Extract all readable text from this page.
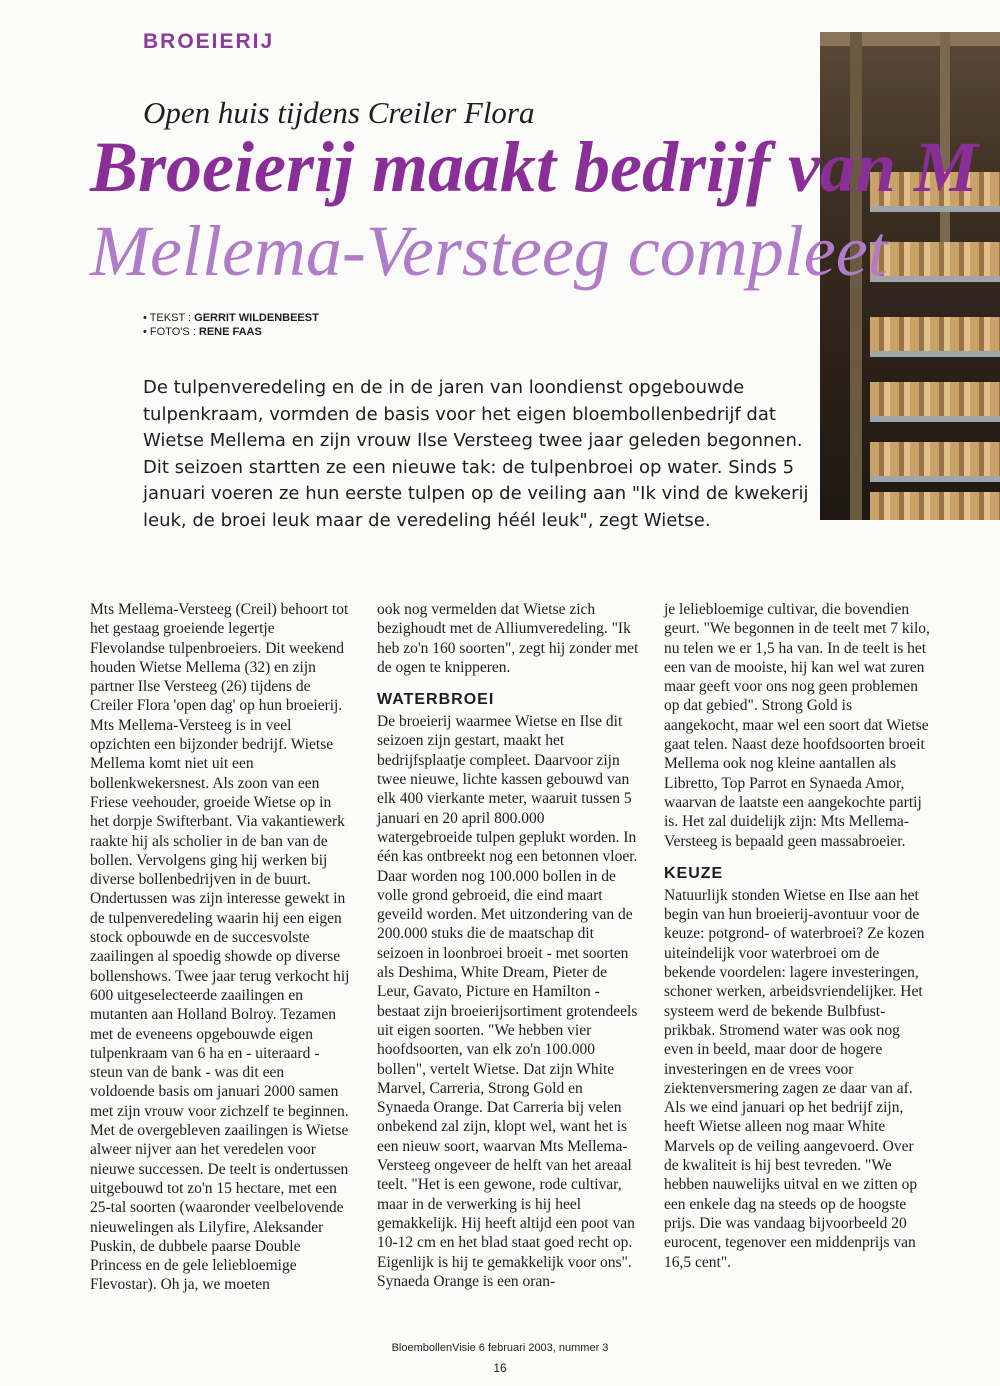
BROEIERIJ
Open huis tijdens Creiler Flora
Broeierij maakt bedrijf van M
Mellema-Versteeg compleet
• TEKST : GERRIT WILDENBEEST
• FOTO'S : RENE FAAS

De tulpenveredeling en de in de jaren van loondienst opgebouwde tulpenkraam, vormden de basis voor het eigen bloembollenbedrijf dat Wietse Mellema en zijn vrouw Ilse Versteeg twee jaar geleden begonnen. Dit seizoen startten ze een nieuwe tak: de tulpenbroei op water. Sinds 5 januari voeren ze hun eerste tulpen op de veiling aan "Ik vind de kwekerij leuk, de broei leuk maar de veredeling héél leuk", zegt Wietse.

Mts Mellema-Versteeg (Creil) behoort tot het gestaag groeiende legertje Flevolandse tulpenbroeiers. Dit weekend houden Wietse Mellema (32) en zijn partner Ilse Versteeg (26) tijdens de Creiler Flora 'open dag' op hun broeierij. Mts Mellema-Versteeg is in veel opzichten een bijzonder bedrijf. Wietse Mellema komt niet uit een bollenkwekersnest. Als zoon van een Friese veehouder, groeide Wietse op in het dorpje Swifterbant. Via vakantiewerk raakte hij als scholier in de ban van de bollen. Vervolgens ging hij werken bij diverse bollenbedrijven in de buurt.

Ondertussen was zijn interesse gewekt in de tulpenveredeling waarin hij een eigen stock opbouwde en de succesvolste zaailingen al spoedig showde op diverse bollenshows. Twee jaar terug verkocht hij 600 uitgeselecteerde zaailingen en mutanten aan Holland Bolroy. Tezamen met de eveneens opgebouwde eigen tulpenkraam van 6 ha en - uiteraard - steun van de bank - was dit een voldoende basis om januari 2000 samen met zijn vrouw voor zichzelf te beginnen. Met de overgebleven zaailingen is Wietse alweer nijver aan het veredelen voor nieuwe successen. De teelt is ondertussen uitgebouwd tot zo'n 15 hectare, met een 25-tal soorten (waaronder veelbelovende nieuwelingen als Lilyfire, Aleksander Puskin, de dubbele paarse Double Princess en de gele leliebloemige Flevostar). Oh ja, we moeten

ook nog vermelden dat Wietse zich bezighoudt met de Alliumveredeling. "Ik heb zo'n 160 soorten", zegt hij zonder met de ogen te knipperen.

WATERBROEI

De broeierij waarmee Wietse en Ilse dit seizoen zijn gestart, maakt het bedrijfsplaatje compleet. Daarvoor zijn twee nieuwe, lichte kassen gebouwd van elk 400 vierkante meter, waaruit tussen 5 januari en 20 april 800.000 watergebroeide tulpen geplukt worden. In één kas ontbreekt nog een betonnen vloer. Daar worden nog 100.000 bollen in de volle grond gebroeid, die eind maart geveild worden. Met uitzondering van de 200.000 stuks die de maatschap dit seizoen in loonbroei broeit - met soorten als Deshima, White Dream, Pieter de Leur, Gavato, Picture en Hamilton - bestaat zijn broeierijsortiment grotendeels uit eigen soorten. "We hebben vier hoofdsoorten, van elk zo'n 100.000 bollen", vertelt Wietse. Dat zijn White Marvel, Carreria, Strong Gold en Synaeda Orange. Dat Carreria bij velen onbekend zal zijn, klopt wel, want het is een nieuw soort, waarvan Mts Mellema-Versteeg ongeveer de helft van het areaal teelt. "Het is een gewone, rode cultivar, maar in de verwerking is hij heel gemakkelijk. Hij heeft altijd een poot van 10-12 cm en het blad staat goed recht op. Eigenlijk is hij te gemakkelijk voor ons". Synaeda Orange is een oran-

je leliebloemige cultivar, die bovendien geurt. "We begonnen in de teelt met 7 kilo, nu telen we er 1,5 ha van. In de teelt is het een van de mooiste, hij kan wel wat zuren maar geeft voor ons nog geen problemen op dat gebied". Strong Gold is aangekocht, maar wel een soort dat Wietse gaat telen. Naast deze hoofdsoorten broeit Mellema ook nog kleine aantallen als Libretto, Top Parrot en Synaeda Amor, waarvan de laatste een aangekochte partij is. Het zal duidelijk zijn: Mts Mellema-Versteeg is bepaald geen massabroeier.

KEUZE

Natuurlijk stonden Wietse en Ilse aan het begin van hun broeierij-avontuur voor de keuze: potgrond- of waterbroei? Ze kozen uiteindelijk voor waterbroei om de bekende voordelen: lagere investeringen, schoner werken, arbeidsvriendelijker. Het systeem werd de bekende Bulbfust-prikbak. Stromend water was ook nog even in beeld, maar door de hogere investeringen en de vrees voor ziektenversmering zagen ze daar van af. Als we eind januari op het bedrijf zijn, heeft Wietse alleen nog maar White Marvels op de veiling aangevoerd. Over de kwaliteit is hij best tevreden. "We hebben nauwelijks uitval en we zitten op een enkele dag na steeds op de hoogste prijs. Die was vandaag bijvoorbeeld 20 eurocent, tegenover een middenprijs van 16,5 cent".

BloembollenVisie 6 februari 2003, nummer 3
16
